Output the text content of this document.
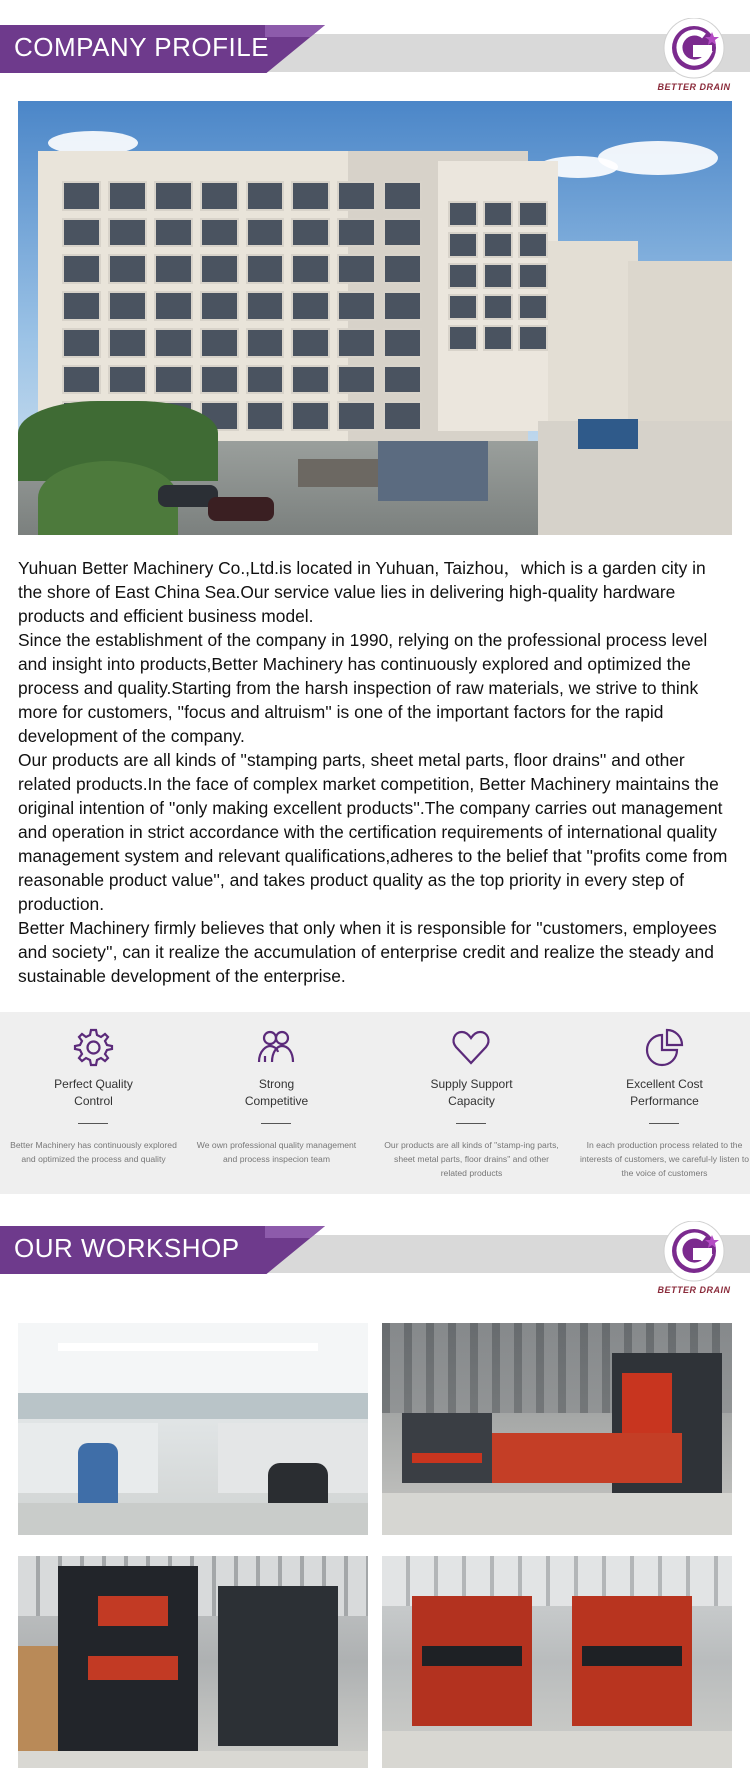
COMPANY PROFILE
BETTER DRAIN

Yuhuan Better Machinery Co.,Ltd.is located in Yuhuan, Taizhou，which is a garden city in the shore of East China Sea.Our service value lies in delivering high-quality hardware products and efficient business model.

Since the establishment of the company in 1990, relying on the professional process level and insight into products,Better Machinery has continuously explored and optimized the process and quality.Starting from the harsh inspection of raw materials, we strive to think more for customers, ''focus and altruism'' is one of the important factors for the rapid development of the company.

Our products are all kinds of ''stamping parts, sheet metal parts, floor drains'' and other related products.In the face of complex market competition, Better Machinery maintains the original intention of ''only making excellent products''.The company carries out management and operation in strict accordance with the certification requirements of international quality management system and relevant qualifications,adheres to the belief that ''profits come from reasonable product value'', and takes product quality as the top priority in every step of production.

Better Machinery firmly believes that only when it is responsible for ''customers, employees and society'', can it realize the accumulation of enterprise credit and realize the steady and sustainable development of the enterprise.

Perfect Quality
Control
Better Machinery has continuously explored and optimized the process and quality
Strong
Competitive
We own professional quality management and process inspecion team
Supply Support
Capacity
Our products are all kinds of "stamp-ing parts, sheet metal parts, floor drains" and other related products
Excellent Cost
Performance
In each production process related to the interests of customers, we careful-ly listen to the voice of customers
OUR WORKSHOP
BETTER DRAIN
